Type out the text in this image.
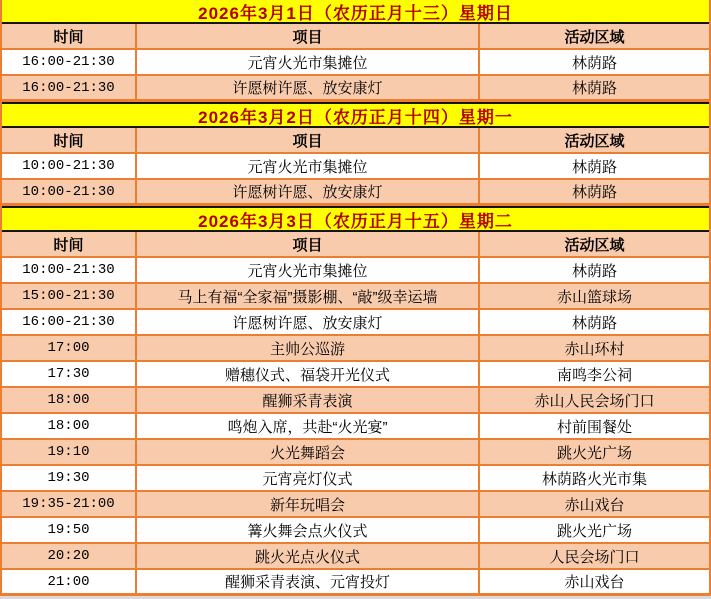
2026年3月1日（农历正月十三）星期日
时间	项目	活动区域
16:00-21:30	元宵火光市集摊位	林荫路
16:00-21:30	许愿树许愿、放安康灯	林荫路
2026年3月2日（农历正月十四）星期一
时间	项目	活动区域
10:00-21:30	元宵火光市集摊位	林荫路
10:00-21:30	许愿树许愿、放安康灯	林荫路
2026年3月3日（农历正月十五）星期二
时间	项目	活动区域
10:00-21:30	元宵火光市集摊位	林荫路
15:00-21:30	马上有福“全家福”摄影棚、“敲”级幸运墙	赤山篮球场
16:00-21:30	许愿树许愿、放安康灯	林荫路
17:00	主帅公巡游	赤山环村
17:30	赠穗仪式、福袋开光仪式	南鸣李公祠
18:00	醒狮采青表演	赤山人民会场门口
18:00	鸣炮入席，共赴“火光宴”	村前围餐处
19:10	火光舞蹈会	跳火光广场
19:30	元宵亮灯仪式	林荫路火光市集
19:35-21:00	新年玩唱会	赤山戏台
19:50	篝火舞会点火仪式	跳火光广场
20:20	跳火光点火仪式	人民会场门口
21:00	醒狮采青表演、元宵投灯	赤山戏台
